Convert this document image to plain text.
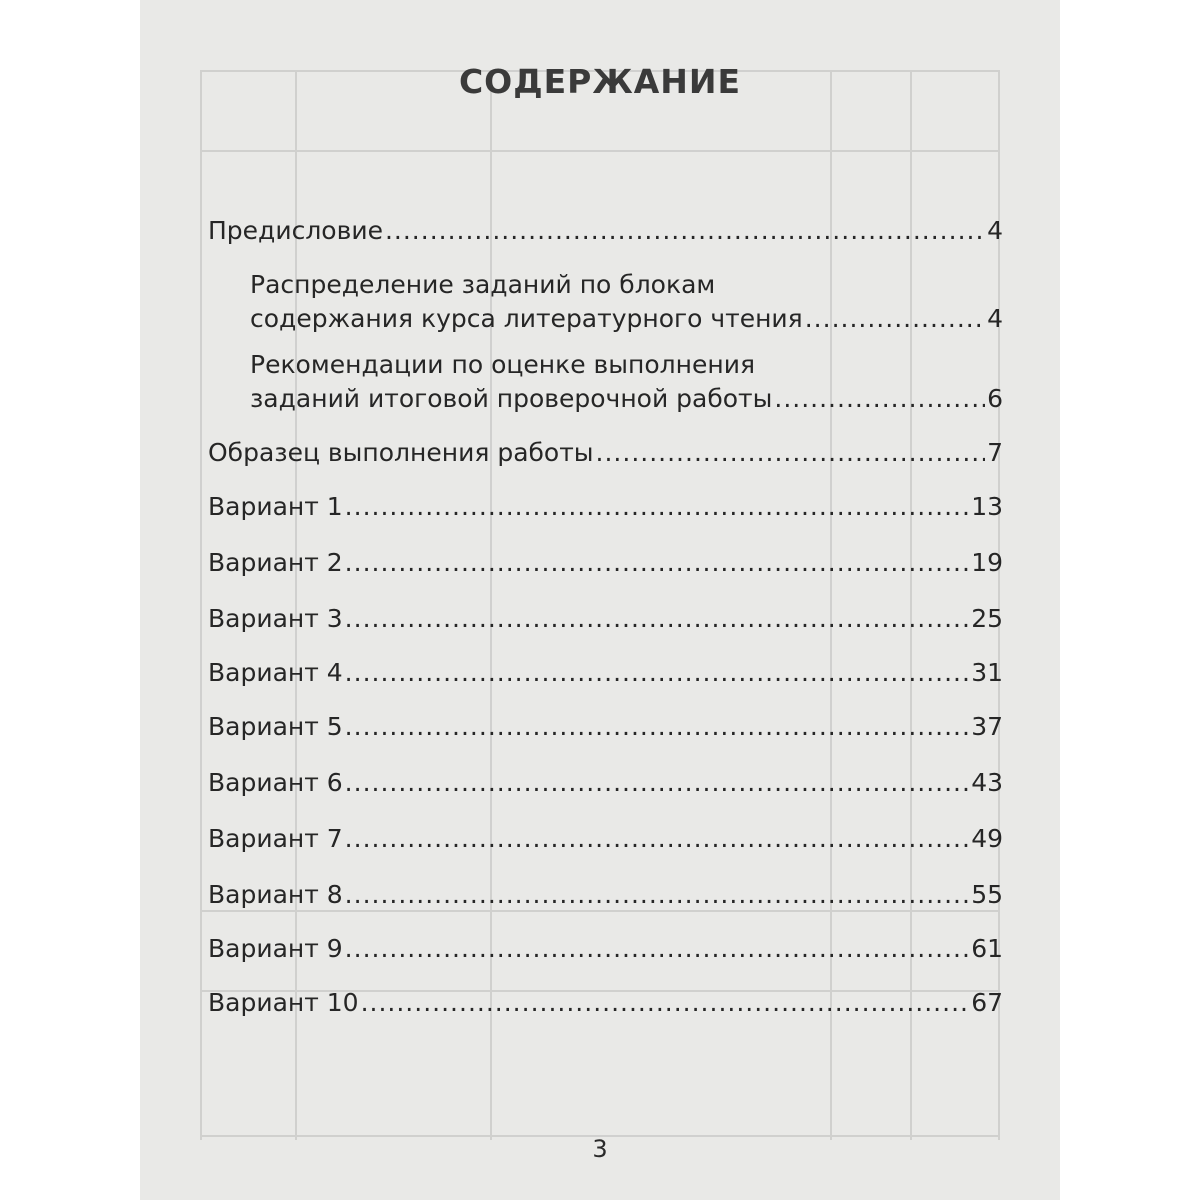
СОДЕРЖАНИЕ
Предисловие .....	4
Распределение заданий по блокам
содержания курса литературного чтения .....	4
Рекомендации по оценке выполнения
заданий итоговой проверочной работы .....	6
Образец выполнения работы .....	7
Вариант 1 .....	13
Вариант 2 .....	19
Вариант 3 .....	25
Вариант 4 .....	31
Вариант 5 .....	37
Вариант 6 .....	43
Вариант 7 .....	49
Вариант 8 .....	55
Вариант 9 .....	61
Вариант 10 .....	67
3
